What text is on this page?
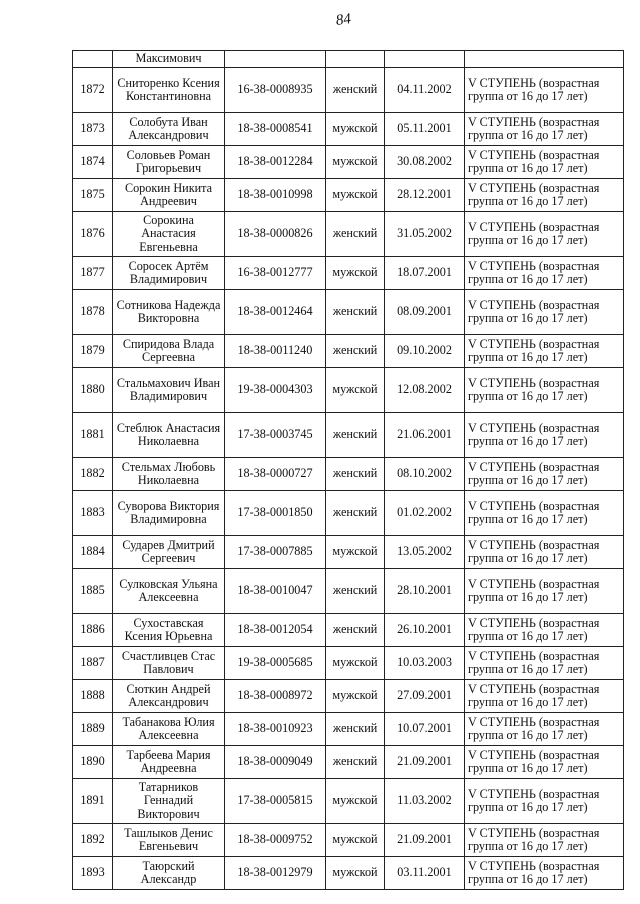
84
	Максимович				
1872	Сниторенко Ксения Константиновна	16-38-0008935	женский	04.11.2002	V СТУПЕНЬ (возрастная группа от 16 до 17 лет)
1873	Солобута Иван Александрович	18-38-0008541	мужской	05.11.2001	V СТУПЕНЬ (возрастная группа от 16 до 17 лет)
1874	Соловьев Роман Григорьевич	18-38-0012284	мужской	30.08.2002	V СТУПЕНЬ (возрастная группа от 16 до 17 лет)
1875	Сорокин Никита Андреевич	18-38-0010998	мужской	28.12.2001	V СТУПЕНЬ (возрастная группа от 16 до 17 лет)
1876	Сорокина Анастасия Евгеньевна	18-38-0000826	женский	31.05.2002	V СТУПЕНЬ (возрастная группа от 16 до 17 лет)
1877	Соросек Артём Владимирович	16-38-0012777	мужской	18.07.2001	V СТУПЕНЬ (возрастная группа от 16 до 17 лет)
1878	Сотникова Надежда Викторовна	18-38-0012464	женский	08.09.2001	V СТУПЕНЬ (возрастная группа от 16 до 17 лет)
1879	Спиридова Влада Сергеевна	18-38-0011240	женский	09.10.2002	V СТУПЕНЬ (возрастная группа от 16 до 17 лет)
1880	Стальмахович Иван Владимирович	19-38-0004303	мужской	12.08.2002	V СТУПЕНЬ (возрастная группа от 16 до 17 лет)
1881	Стеблюк Анастасия Николаевна	17-38-0003745	женский	21.06.2001	V СТУПЕНЬ (возрастная группа от 16 до 17 лет)
1882	Стельмах Любовь Николаевна	18-38-0000727	женский	08.10.2002	V СТУПЕНЬ (возрастная группа от 16 до 17 лет)
1883	Суворова Виктория Владимировна	17-38-0001850	женский	01.02.2002	V СТУПЕНЬ (возрастная группа от 16 до 17 лет)
1884	Сударев Дмитрий Сергеевич	17-38-0007885	мужской	13.05.2002	V СТУПЕНЬ (возрастная группа от 16 до 17 лет)
1885	Сулковская Ульяна Алексеевна	18-38-0010047	женский	28.10.2001	V СТУПЕНЬ (возрастная группа от 16 до 17 лет)
1886	Сухоставская Ксения Юрьевна	18-38-0012054	женский	26.10.2001	V СТУПЕНЬ (возрастная группа от 16 до 17 лет)
1887	Счастливцев Стас Павлович	19-38-0005685	мужской	10.03.2003	V СТУПЕНЬ (возрастная группа от 16 до 17 лет)
1888	Сюткин Андрей Александрович	18-38-0008972	мужской	27.09.2001	V СТУПЕНЬ (возрастная группа от 16 до 17 лет)
1889	Табанакова Юлия Алексеевна	18-38-0010923	женский	10.07.2001	V СТУПЕНЬ (возрастная группа от 16 до 17 лет)
1890	Тарбеева Мария Андреевна	18-38-0009049	женский	21.09.2001	V СТУПЕНЬ (возрастная группа от 16 до 17 лет)
1891	Татарников Геннадий Викторович	17-38-0005815	мужской	11.03.2002	V СТУПЕНЬ (возрастная группа от 16 до 17 лет)
1892	Ташлыков Денис Евгеньевич	18-38-0009752	мужской	21.09.2001	V СТУПЕНЬ (возрастная группа от 16 до 17 лет)
1893	Таюрский Александр	18-38-0012979	мужской	03.11.2001	V СТУПЕНЬ (возрастная группа от 16 до 17 лет)
